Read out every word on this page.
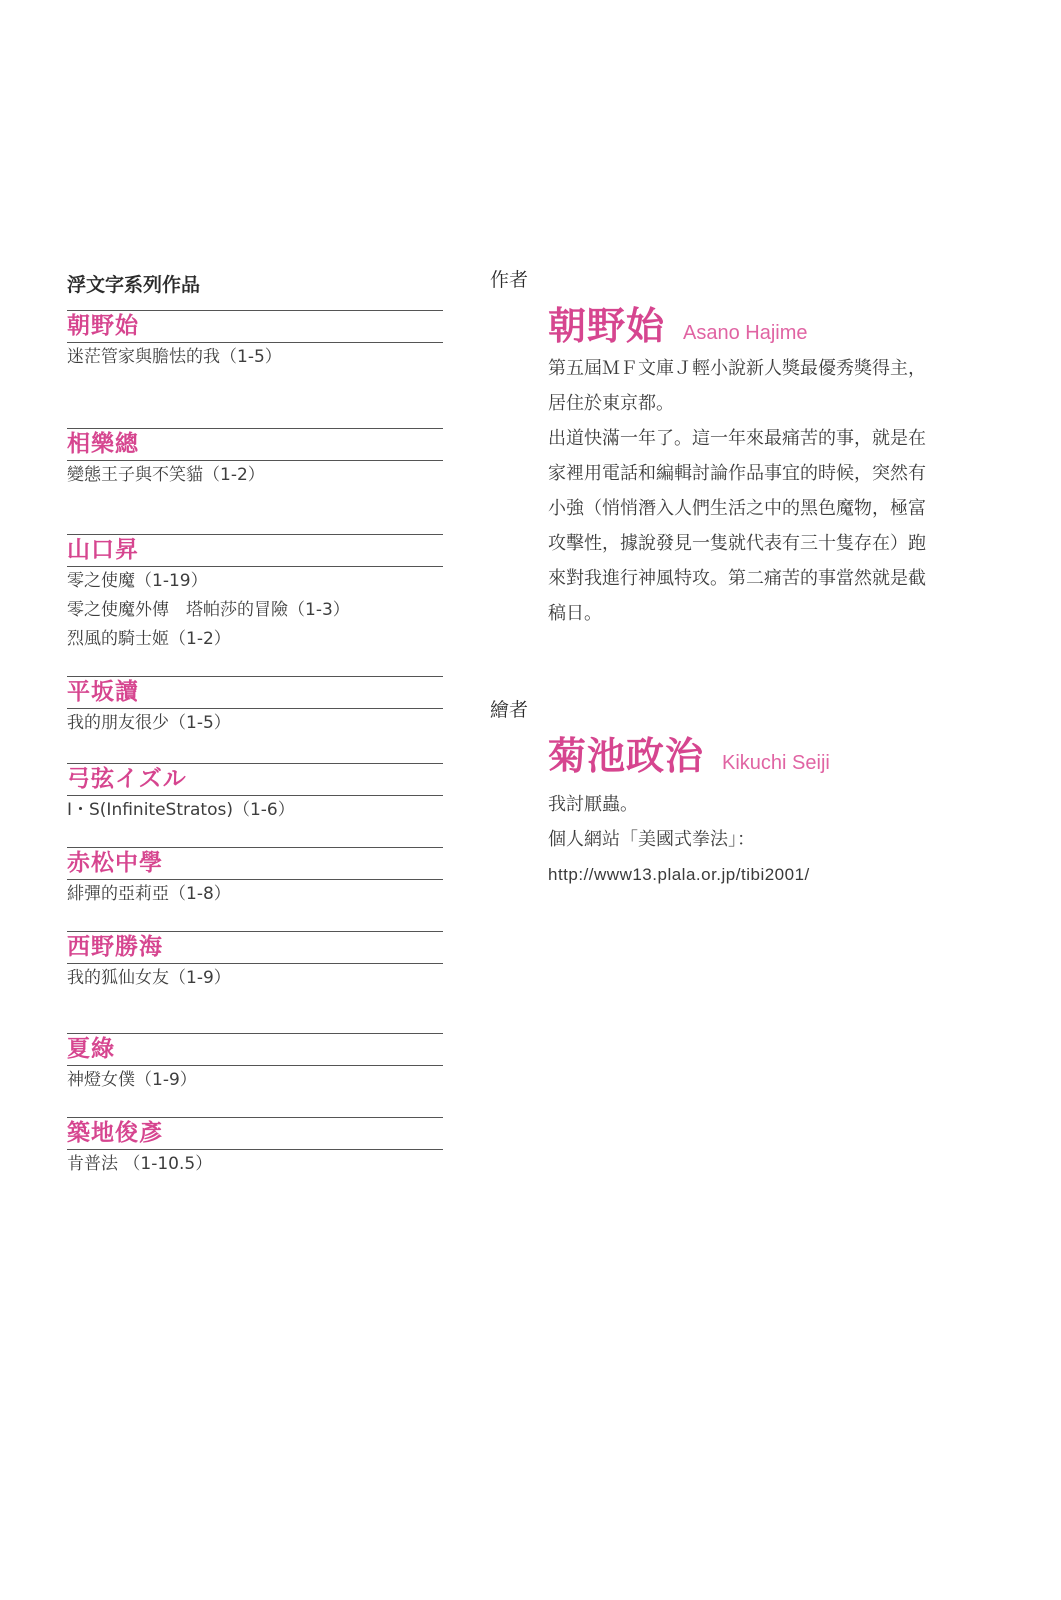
浮文字系列作品
朝野始
迷茫管家與膽怯的我（1-5）
相樂總
變態王子與不笑貓（1-2）
山口昇
零之使魔（1-19）
零之使魔外傳　塔帕莎的冒險（1-3）
烈風的騎士姬（1-2）
平坂讀
我的朋友很少（1-5）
弓弦イズル
I・S(InfiniteStratos)（1-6）
赤松中學
緋彈的亞莉亞（1-8）
西野勝海
我的狐仙女友（1-9）
夏綠
神燈女僕（1-9）
築地俊彥
肯普法 （1-10.5）
作者
朝野始 Asano Hajime

第五屆ＭＦ文庫Ｊ輕小說新人獎最優秀獎得主，

居住於東京都。

出道快滿一年了。這一年來最痛苦的事，就是在

家裡用電話和編輯討論作品事宜的時候，突然有

小強（悄悄潛入人們生活之中的黑色魔物，極富

攻擊性，據說發見一隻就代表有三十隻存在）跑

來對我進行神風特攻。第二痛苦的事當然就是截

稿日。

繪者
菊池政治 Kikuchi Seiji

我討厭蟲。

個人網站「美國式拳法」：

http://www13.plala.or.jp/tibi2001/
